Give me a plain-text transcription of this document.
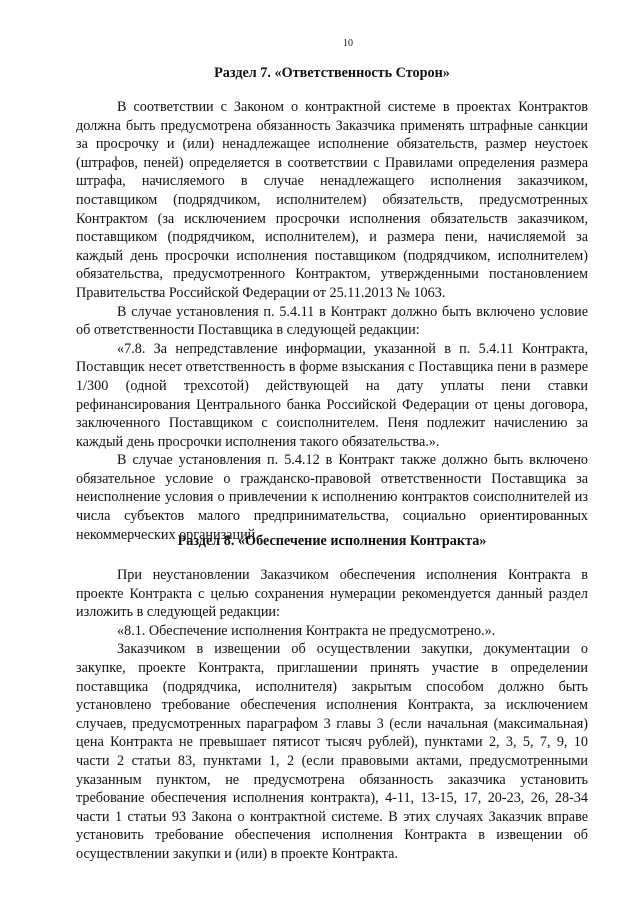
10
Раздел 7. «Ответственность Сторон»

В соответствии с Законом о контрактной системе в проектах Контрактов должна быть предусмотрена обязанность Заказчика применять штрафные санкции за просрочку и (или) ненадлежащее исполнение обязательств, размер неустоек (штрафов, пеней) определяется в соответствии с Правилами определения размера штрафа, начисляемого в случае ненадлежащего исполнения заказчиком, поставщиком (подрядчиком, исполнителем) обязательств, предусмотренных Контрактом (за исключением просрочки исполнения обязательств заказчиком, поставщиком (подрядчиком, исполнителем), и размера пени, начисляемой за каждый день просрочки исполнения поставщиком (подрядчиком, исполнителем) обязательства, предусмотренного Контрактом, утвержденными постановлением Правительства Российской Федерации от 25.11.2013 № 1063.

В случае установления п. 5.4.11 в Контракт должно быть включено условие об ответственности Поставщика в следующей редакции:

«7.8. За непредставление информации, указанной в п. 5.4.11 Контракта, Поставщик несет ответственность в форме взыскания с Поставщика пени в размере 1/300 (одной трехсотой) действующей на дату уплаты пени ставки рефинансирования Центрального банка Российской Федерации от цены договора, заключенного Поставщиком с соисполнителем. Пеня подлежит начислению за каждый день просрочки исполнения такого обязательства.».

В случае установления п. 5.4.12 в Контракт также должно быть включено обязательное условие о гражданско-правовой ответственности Поставщика за неисполнение условия о привлечении к исполнению контрактов соисполнителей из числа субъектов малого предпринимательства, социально ориентированных некоммерческих организаций.

Раздел 8. «Обеспечение исполнения Контракта»

При неустановлении Заказчиком обеспечения исполнения Контракта в проекте Контракта с целью сохранения нумерации рекомендуется данный раздел изложить в следующей редакции:

«8.1. Обеспечение исполнения Контракта не предусмотрено.».

Заказчиком в извещении об осуществлении закупки, документации о закупке, проекте Контракта, приглашении принять участие в определении поставщика (подрядчика, исполнителя) закрытым способом должно быть установлено требование обеспечения исполнения Контракта, за исключением случаев, предусмотренных параграфом 3 главы 3 (если начальная (максимальная) цена Контракта не превышает пятисот тысяч рублей), пунктами 2, 3, 5, 7, 9, 10 части 2 статьи 83, пунктами 1, 2 (если правовыми актами, предусмотренными указанным пунктом, не предусмотрена обязанность заказчика установить требование обеспечения исполнения контракта), 4-11, 13-15, 17, 20-23, 26, 28-34 части 1 статьи 93 Закона о контрактной системе. В этих случаях Заказчик вправе установить требование обеспечения исполнения Контракта в извещении об осуществлении закупки и (или) в проекте Контракта.
